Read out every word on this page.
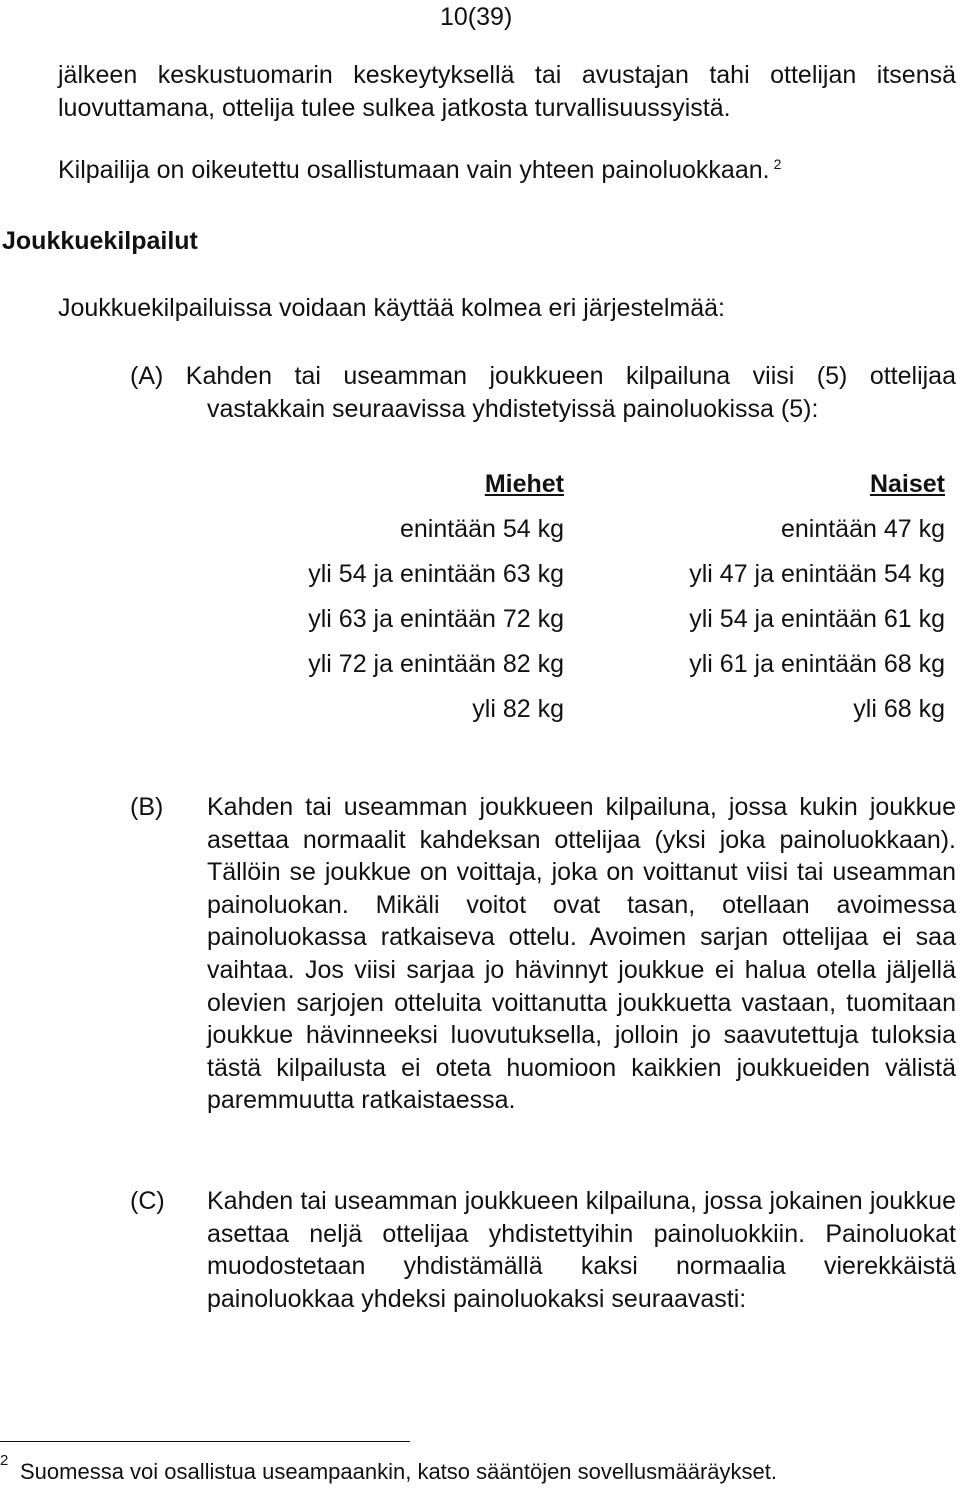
10(39)
jälkeen keskustuomarin keskeytyksellä tai avustajan tahi ottelijan itsensä luovuttamana, ottelija tulee sulkea jatkosta turvallisuussyistä.
Kilpailija on oikeutettu osallistumaan vain yhteen painoluokkaan. $^2$
Joukkuekilpailut
Joukkuekilpailuissa voidaan käyttää kolmea eri järjestelmää:
(A) Kahden tai useamman joukkueen kilpailuna viisi (5) ottelijaa vastakkain seuraavissa yhdistetyissä painoluokissa (5):
Miehet
enintään 54 kg
yli 54 ja enintään 63 kg
yli 63 ja enintään 72 kg
yli 72 ja enintään 82 kg
yli 82 kg
Naiset
enintään 47 kg
yli 47 ja enintään 54 kg
yli 54 ja enintään 61 kg
yli 61 ja enintään 68 kg
yli 68 kg
(B) Kahden tai useamman joukkueen kilpailuna, jossa kukin joukkue asettaa normaalit kahdeksan ottelijaa (yksi joka painoluokkaan). Tällöin se joukkue on voittaja, joka on voittanut viisi tai useamman painoluokan. Mikäli voitot ovat tasan, otellaan avoimessa painoluokassa ratkaiseva ottelu. Avoimen sarjan ottelijaa ei saa vaihtaa. Jos viisi sarjaa jo hävinnyt joukkue ei halua otella jäljellä olevien sarjojen otteluita voittanutta joukkuetta vastaan, tuomitaan joukkue hävinneeksi luovutuksella, jolloin jo saavutettuja tuloksia tästä kilpailusta ei oteta huomioon kaikkien joukkueiden välistä paremmuutta ratkaistaessa.
(C) Kahden tai useamman joukkueen kilpailuna, jossa jokainen joukkue asettaa neljä ottelijaa yhdistettyihin painoluokkiin. Painoluokat muodostetaan yhdistämällä kaksi normaalia vierekkäistä painoluokkaa yhdeksi painoluokaksi seuraavasti:
2 Suomessa voi osallistua useampaankin, katso sääntöjen sovellusmääräykset.
